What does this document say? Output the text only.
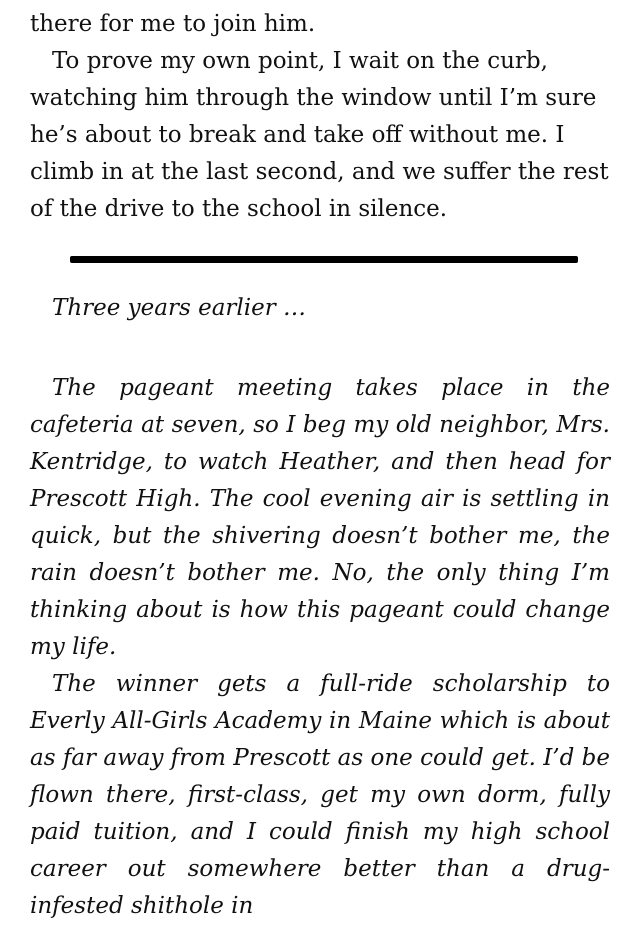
there for me to join him.

To prove my own point, I wait on the curb, watching him through the window until I’m sure he’s about to break and take off without me. I climb in at the last second, and we suffer the rest of the drive to the school in silence.

Three years earlier …

The pageant meeting takes place in the cafeteria at seven, so I beg my old neighbor, Mrs. Kentridge, to watch Heather, and then head for Prescott High. The cool evening air is settling in quick, but the shivering doesn’t bother me, the rain doesn’t bother me. No, the only thing I’m thinking about is how this pageant could change my life.

The winner gets a full-ride scholarship to Everly All-Girls Academy in Maine which is about as far away from Prescott as one could get. I’d be flown there, first-class, get my own dorm, fully paid tuition, and I could finish my high school career out somewhere better than a drug-infested shithole in
